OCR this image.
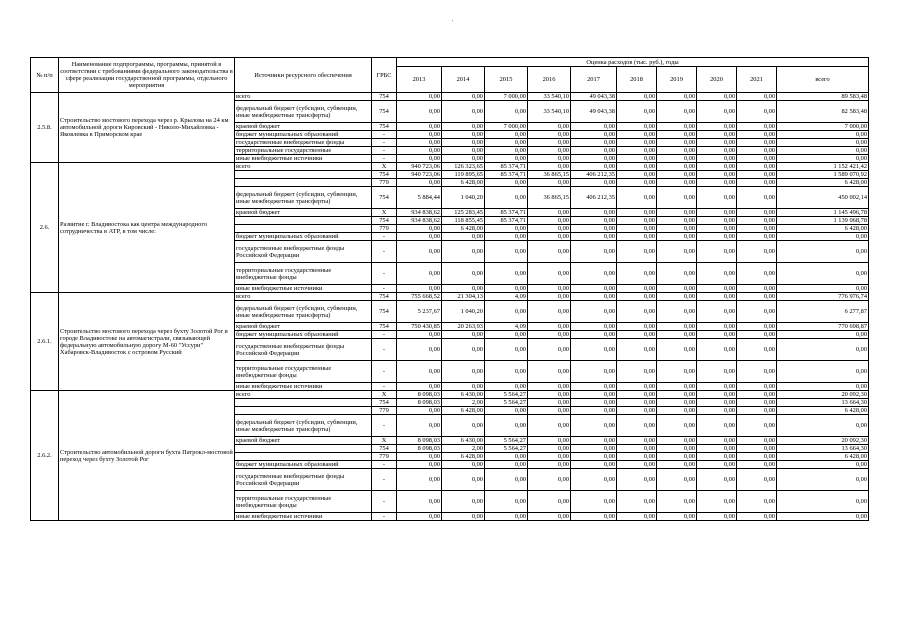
'
№ п/п	Наименование подпрограммы, программы, принятой в соответствии с требованиями федерального законодательства в сфере реализации государственной программы, отдельного мероприятия	Источники ресурсного обеспечения	ГРБС	Оценка расходов (тыс. руб.), годы									
				2013	2014	2015	2016	2017	2018	2019	2020	2021	всего
2.5.8.	Строительство мостового перехода через р. Крылова на 24 км автомобильной дороги Кировский - Николо-Михайловка - Яковлевка в Приморском крае	всего	754	0,00	0,00	7 000,00	33 540,10	49 043,38	0,00	0,00	0,00	0,00	89 583,48
		федеральный бюджет (субсидии, субвенции, иные межбюджетные трансферты)	754	0,00	0,00	0,00	33 540,10	49 043,38	0,00	0,00	0,00	0,00	82 583,48
		краевой бюджет	754	0,00	0,00	7 000,00	0,00	0,00	0,00	0,00	0,00	0,00	7 000,00
		бюджет муниципальных образований	-	0,00	0,00	0,00	0,00	0,00	0,00	0,00	0,00	0,00	0,00
		государственные внебюджетные фонды	-	0,00	0,00	0,00	0,00	0,00	0,00	0,00	0,00	0,00	0,00
		территориальные государственные	-	0,00	0,00	0,00	0,00	0,00	0,00	0,00	0,00	0,00	0,00
		иные внебюджетные источники	-	0,00	0,00	0,00	0,00	0,00	0,00	0,00	0,00	0,00	0,00
2.6.	Развитие г. Владивостока как центра международного сотрудничества в АТР, в том числе:	всего	X	940 723,06	126 323,65	85 374,71	0,00	0,00	0,00	0,00	0,00	0,00	1 152 421,42
			754	940 723,06	119 895,65	85 374,71	36 865,15	406 212,35	0,00	0,00	0,00	0,00	1 589 070,92
			779	0,00	6 428,00	0,00	0,00	0,00	0,00	0,00	0,00	0,00	6 428,00
		федеральный бюджет (субсидии, субвенции, иные межбюджетные трансферты)	754	5 884,44	1 040,20	0,00	36 865,15	406 212,35	0,00	0,00	0,00	0,00	450 002,14
		краевой бюджет	X	934 838,62	125 283,45	85 374,71	0,00	0,00	0,00	0,00	0,00	0,00	1 145 496,78
			754	934 838,62	118 855,45	85 374,71	0,00	0,00	0,00	0,00	0,00	0,00	1 139 068,78
			779	0,00	6 428,00	0,00	0,00	0,00	0,00	0,00	0,00	0,00	6 428,00
		бюджет муниципальных образований	-	0,00	0,00	0,00	0,00	0,00	0,00	0,00	0,00	0,00	0,00
		государственные внебюджетные фонды Российской Федерации	-	0,00	0,00	0,00	0,00	0,00	0,00	0,00	0,00	0,00	0,00
		территориальные государственные внебюджетные фонды	-	0,00	0,00	0,00	0,00	0,00	0,00	0,00	0,00	0,00	0,00
		иные внебюджетные источники	-	0,00	0,00	0,00	0,00	0,00	0,00	0,00	0,00	0,00	0,00
2.6.1.	Строительство мостового перехода через бухту Золотой Рог в городе Владивостоке на автомагистрали, связывающей федеральную автомобильную дорогу М-60 "Уссури" Хабаровск-Владивосток с островом Русский	всего	754	755 668,52	21 304,13	4,09	0,00	0,00	0,00	0,00	0,00	0,00	776 976,74
		федеральный бюджет (субсидии, субвенции, иные межбюджетные трансферты)	754	5 237,67	1 040,20	0,00	0,00	0,00	0,00	0,00	0,00	0,00	6 277,87
		краевой бюджет	754	750 430,85	20 263,93	4,09	0,00	0,00	0,00	0,00	0,00	0,00	770 698,87
		бюджет муниципальных образований	-	0,00	0,00	0,00	0,00	0,00	0,00	0,00	0,00	0,00	0,00
		государственные внебюджетные фонды Российской Федерации	-	0,00	0,00	0,00	0,00	0,00	0,00	0,00	0,00	0,00	0,00
		территориальные государственные внебюджетные фонды	-	0,00	0,00	0,00	0,00	0,00	0,00	0,00	0,00	0,00	0,00
		иные внебюджетные источники	-	0,00	0,00	0,00	0,00	0,00	0,00	0,00	0,00	0,00	0,00
2.6.2.	Строительство автомобильной дороги бухта Патрокл-мостовой переход через бухту Золотой Рог	всего	X	8 098,03	6 430,00	5 564,27	0,00	0,00	0,00	0,00	0,00	0,00	20 092,30
			754	8 098,03	2,00	5 564,27	0,00	0,00	0,00	0,00	0,00	0,00	13 664,30
			779	0,00	6 428,00	0,00	0,00	0,00	0,00	0,00	0,00	0,00	6 428,00
		федеральный бюджет (субсидии, субвенции, иные межбюджетные трансферты)	-	0,00	0,00	0,00	0,00	0,00	0,00	0,00	0,00	0,00	0,00
		краевой бюджет	X	8 098,03	6 430,00	5 564,27	0,00	0,00	0,00	0,00	0,00	0,00	20 092,30
			754	8 098,03	2,00	5 564,27	0,00	0,00	0,00	0,00	0,00	0,00	13 664,30
			779	0,00	6 428,00	0,00	0,00	0,00	0,00	0,00	0,00	0,00	6 428,00
		бюджет муниципальных образований	-	0,00	0,00	0,00	0,00	0,00	0,00	0,00	0,00	0,00	0,00
		государственные внебюджетные фонды Российской Федерации	-	0,00	0,00	0,00	0,00	0,00	0,00	0,00	0,00	0,00	0,00
		территориальные государственные внебюджетные фонды	-	0,00	0,00	0,00	0,00	0,00	0,00	0,00	0,00	0,00	0,00
		иные внебюджетные источники	-	0,00	0,00	0,00	0,00	0,00	0,00	0,00	0,00	0,00	0,00
